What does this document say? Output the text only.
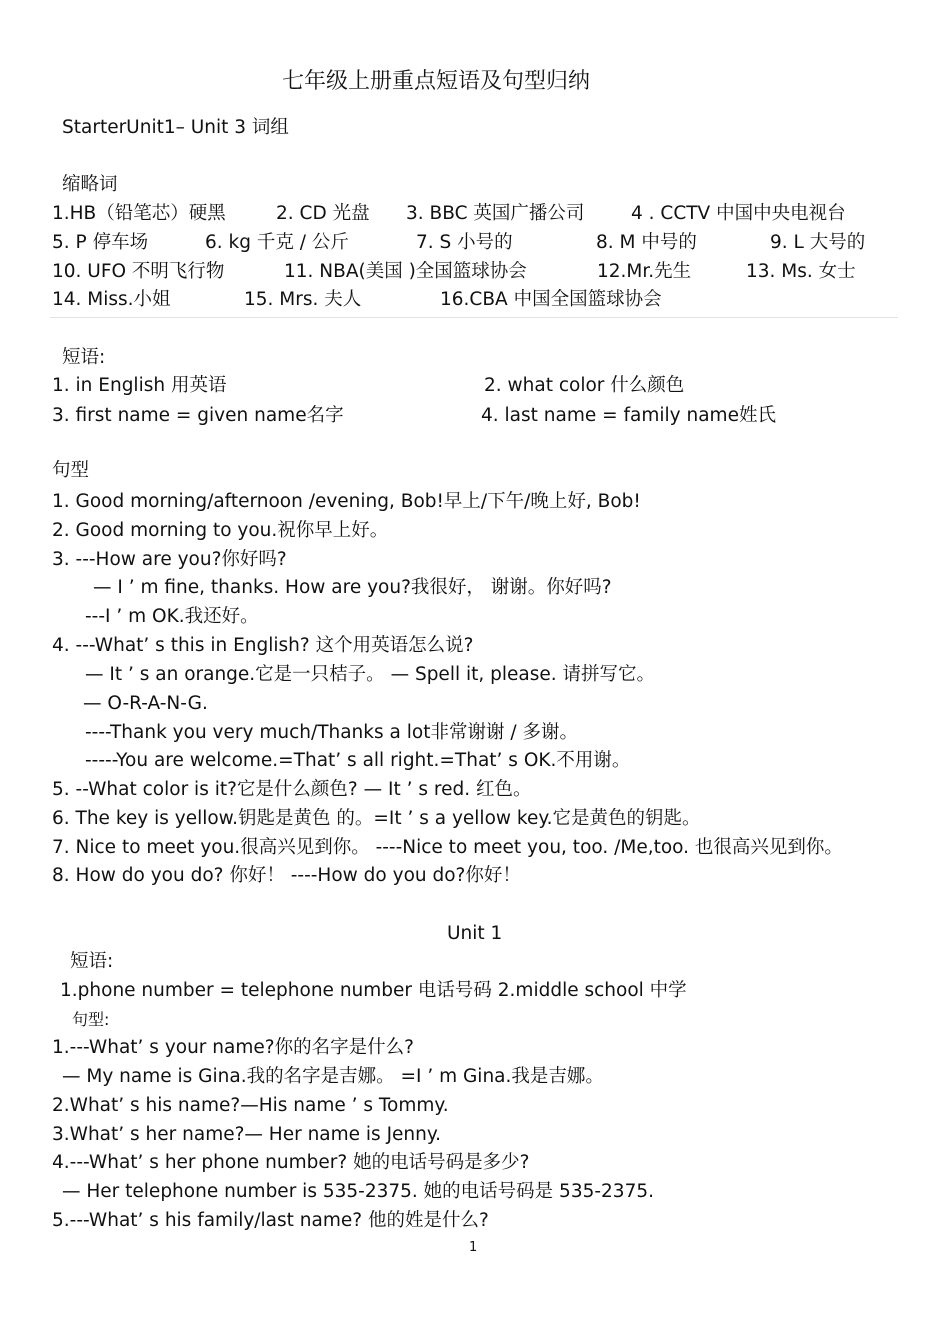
七年级上册重点短语及句型归纳
StarterUnit1– Unit 3 词组
缩略词
1.HB（铅笔芯）硬黑	2. CD 光盘 3. BBC 英国广播公司	4 . CCTV 中国中央电视台
5. P 停车场	6. kg 千克 / 公斤	7. S 小号的	8. M 中号的	9. L 大号的
10. UFO 不明飞行物	11. NBA(美国 )全国篮球协会	12.Mr.先生	13. Ms. 女士
14. Miss.小姐	15. Mrs. 夫人	16.CBA 中国全国篮球协会
短语:
1. in English 用英语	2. what color 什么颜色
3. first name = given name名字	4. last name = family name姓氏
句型
1. Good morning/afternoon /evening, Bob!早上/下午/晚上好, Bob!
2. Good morning to you.祝你早上好。
3. ---How are you?你好吗?
— I ’ m fine, thanks. How are you?我很好， 谢谢。你好吗?
---I ’ m OK.我还好。
4. ---What’ s this in English? 这个用英语怎么说?
— It ’ s an orange.它是一只桔子。 — Spell it, please. 请拼写它。
— O-R-A-N-G.
----Thank you very much/Thanks a lot非常谢谢 / 多谢。
-----You are welcome.=That’ s all right.=That’ s OK.不用谢。
5. --What color is it?它是什么颜色? — It ’ s red. 红色。
6. The key is yellow.钥匙是黄色 的。=It ’ s a yellow key.它是黄色的钥匙。
7. Nice to meet you.很高兴见到你。 ----Nice to meet you, too. /Me,too. 也很高兴见到你。
8. How do you do? 你好！ ----How do you do?你好！
Unit 1
短语:
1.phone number = telephone number 电话号码 2.middle school 中学
句型:
1.---What’ s your name?你的名字是什么?
— My name is Gina.我的名字是吉娜。 =I ’ m Gina.我是吉娜。
2.What’ s his name?—His name ’ s Tommy.
3.What’ s her name?— Her name is Jenny.
4.---What’ s her phone number? 她的电话号码是多少?
— Her telephone number is 535-2375. 她的电话号码是 535-2375.
5.---What’ s his family/last name? 他的姓是什么?
1
